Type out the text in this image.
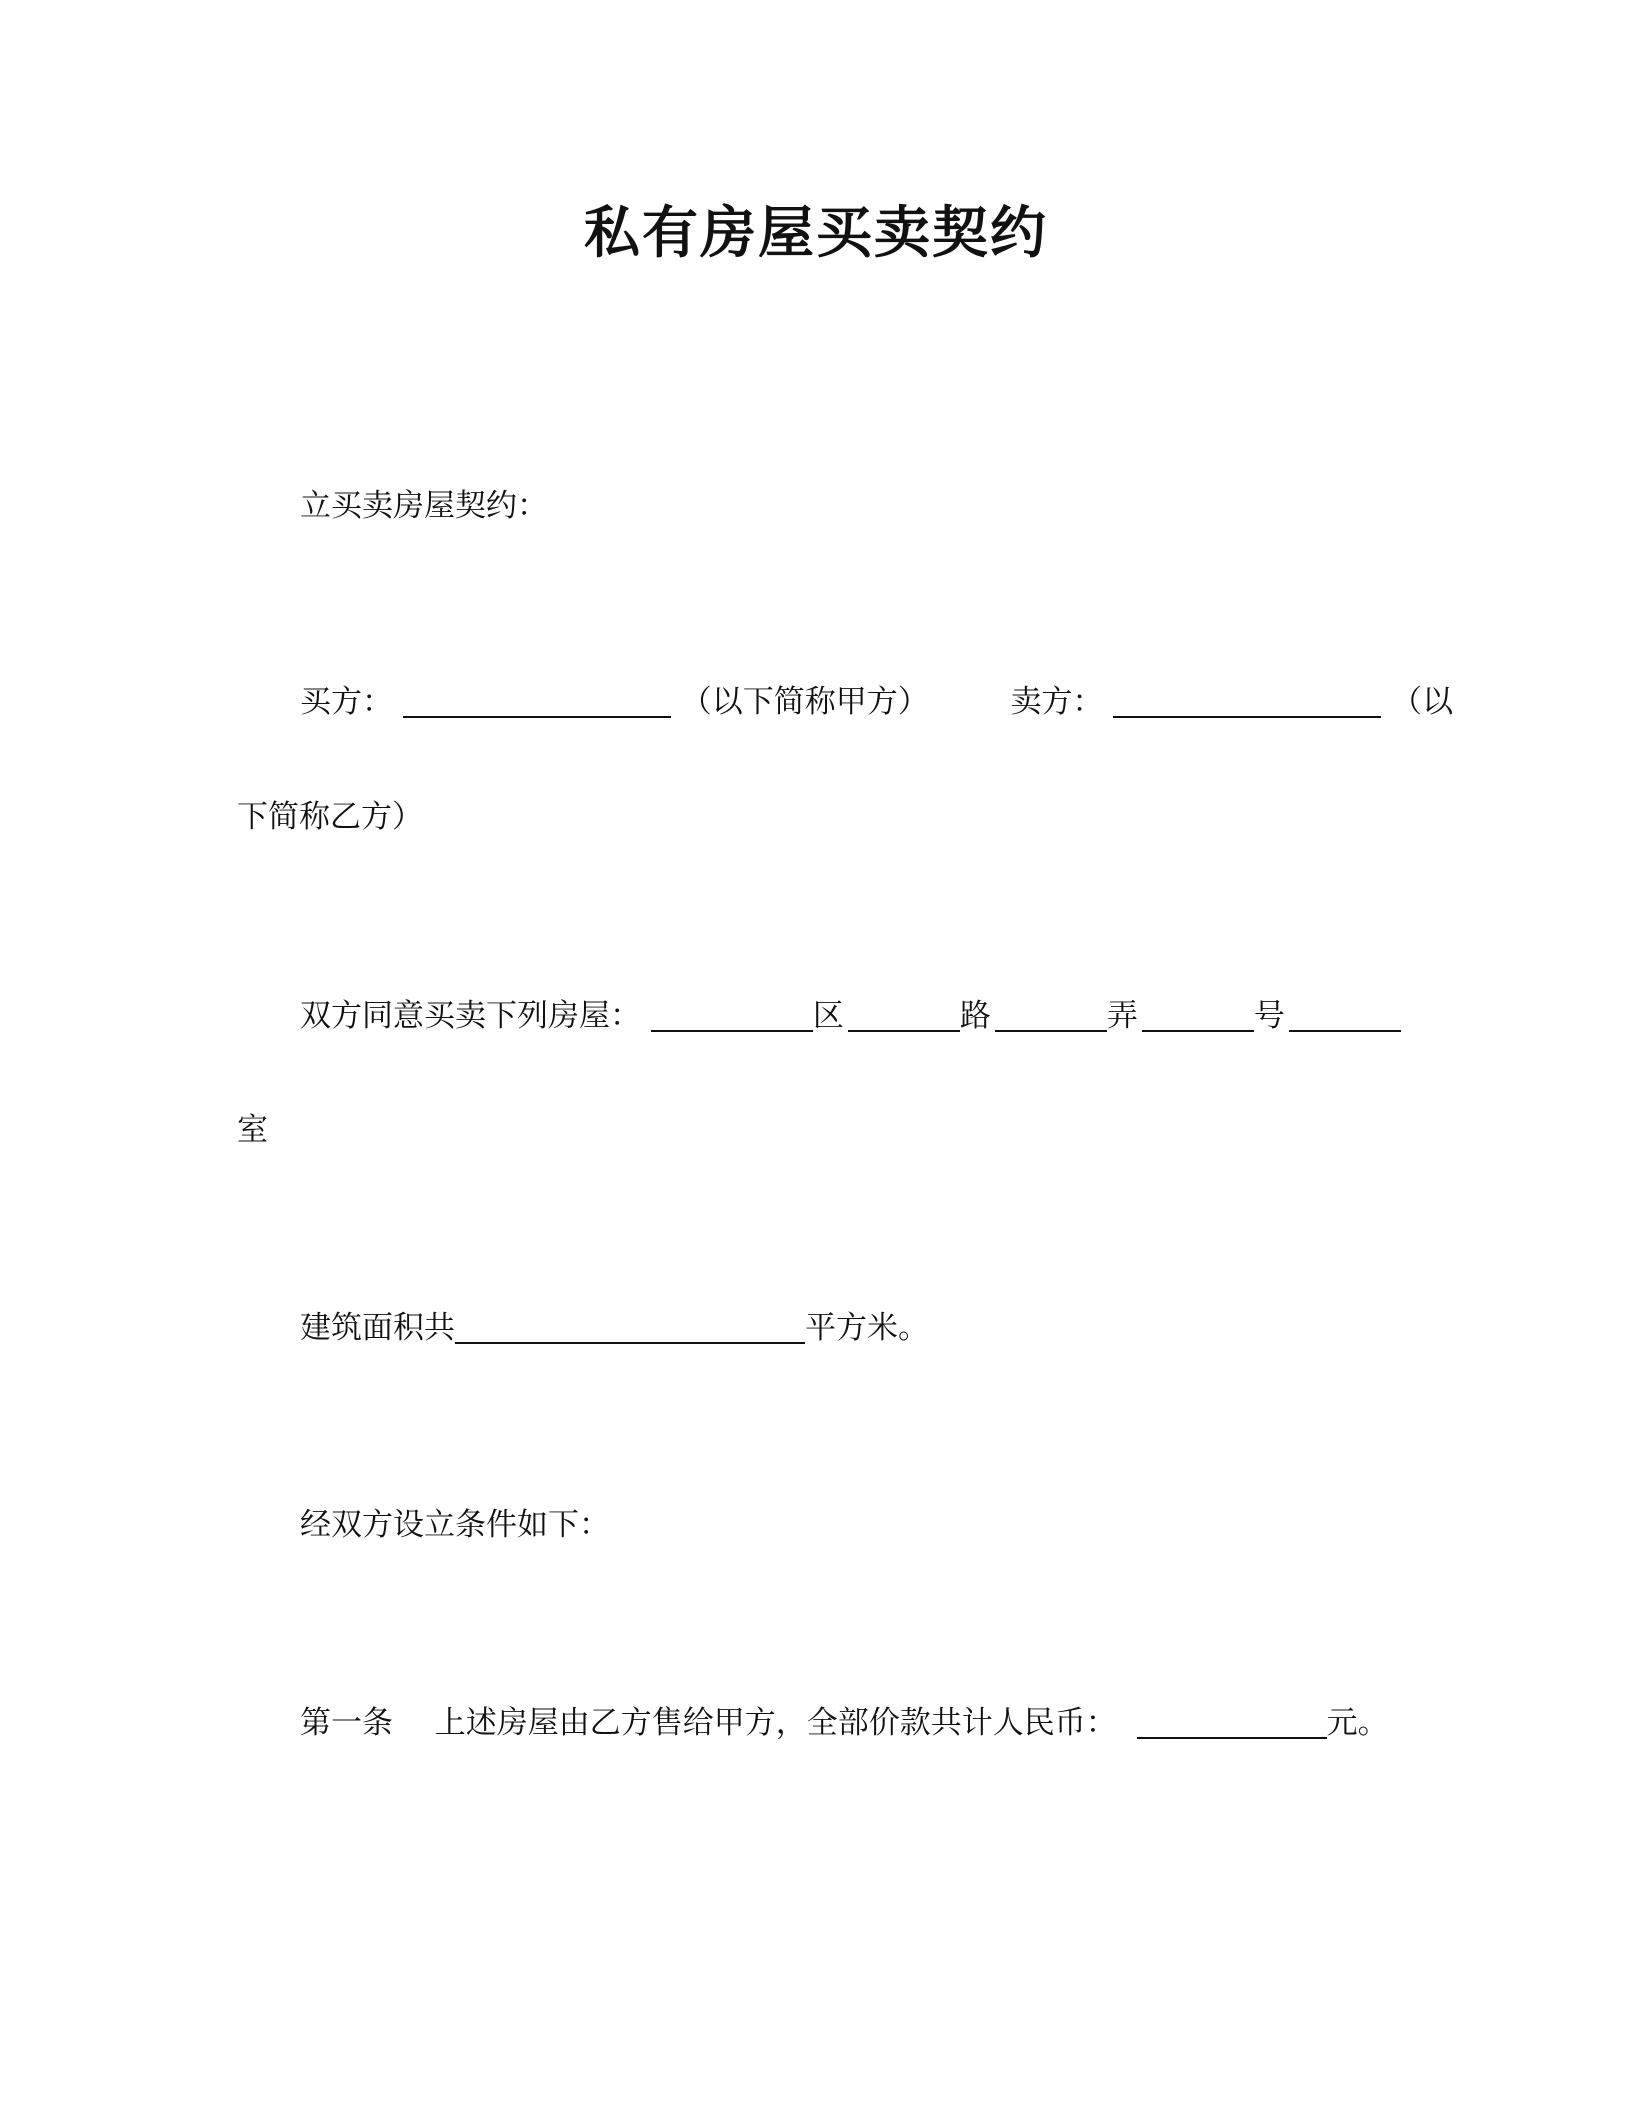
私有房屋买卖契约
立买卖房屋契约：
买方：	（以下简称甲方）	卖方：	（以
下简称乙方）
双方同意买卖下列房屋：	区	路	弄	号
室
建筑面积共	平方米。
经双方设立条件如下：
第一条 上述房屋由乙方售给甲方，全部价款共计人民币：	元。
